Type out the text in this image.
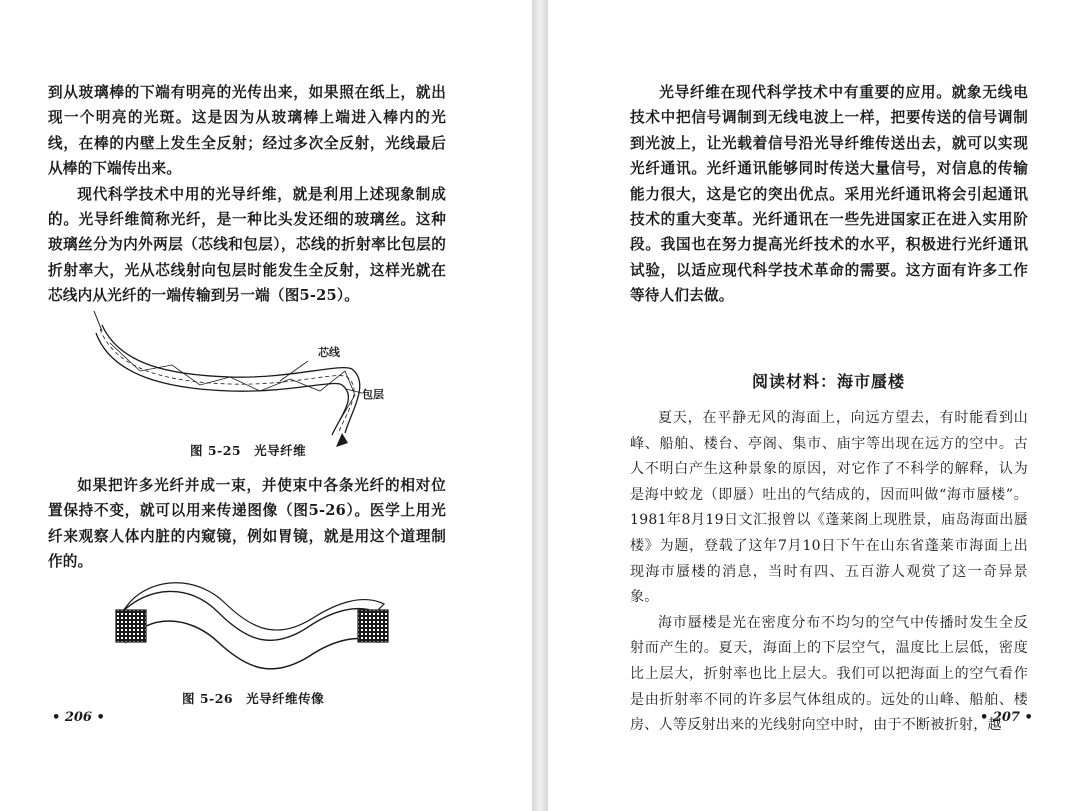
到从玻璃棒的下端有明亮的光传出来，如果照在纸上，就出现一个明亮的光斑。这是因为从玻璃棒上端进入棒内的光线，在棒的内壁上发生全反射；经过多次全反射，光线最后从棒的下端传出来。

现代科学技术中用的光导纤维，就是利用上述现象制成的。光导纤维简称光纤，是一种比头发还细的玻璃丝。这种玻璃丝分为内外两层（芯线和包层），芯线的折射率比包层的折射率大，光从芯线射向包层时能发生全反射，这样光就在芯线内从光纤的一端传输到另一端（图5-25）。

芯线
包层
图 5-25　光导纤维

如果把许多光纤并成一束，并使束中各条光纤的相对位置保持不变，就可以用来传递图像（图5-26）。医学上用光纤来观察人体内脏的内窥镜，例如胃镜，就是用这个道理制作的。

图 5-26　光导纤维传像
• 206 •

光导纤维在现代科学技术中有重要的应用。就象无线电技术中把信号调制到无线电波上一样，把要传送的信号调制到光波上，让光载着信号沿光导纤维传送出去，就可以实现光纤通讯。光纤通讯能够同时传送大量信号，对信息的传输能力很大，这是它的突出优点。采用光纤通讯将会引起通讯技术的重大变革。光纤通讯在一些先进国家正在进入实用阶段。我国也在努力提高光纤技术的水平，积极进行光纤通讯试验，以适应现代科学技术革命的需要。这方面有许多工作等待人们去做。

阅读材料：海市蜃楼

夏天，在平静无风的海面上，向远方望去，有时能看到山峰、船舶、楼台、亭阁、集市、庙宇等出现在远方的空中。古人不明白产生这种景象的原因，对它作了不科学的解释，认为是海中蛟龙（即蜃）吐出的气结成的，因而叫做“海市蜃楼”。1981年8月19日文汇报曾以《蓬莱阁上现胜景，庙岛海面出蜃楼》为题，登载了这年7月10日下午在山东省蓬莱市海面上出现海市蜃楼的消息，当时有四、五百游人观赏了这一奇异景象。

海市蜃楼是光在密度分布不均匀的空气中传播时发生全反射而产生的。夏天，海面上的下层空气，温度比上层低，密度比上层大，折射率也比上层大。我们可以把海面上的空气看作是由折射率不同的许多层气体组成的。远处的山峰、船舶、楼房、人等反射出来的光线射向空中时，由于不断被折射，越

• 207 •
